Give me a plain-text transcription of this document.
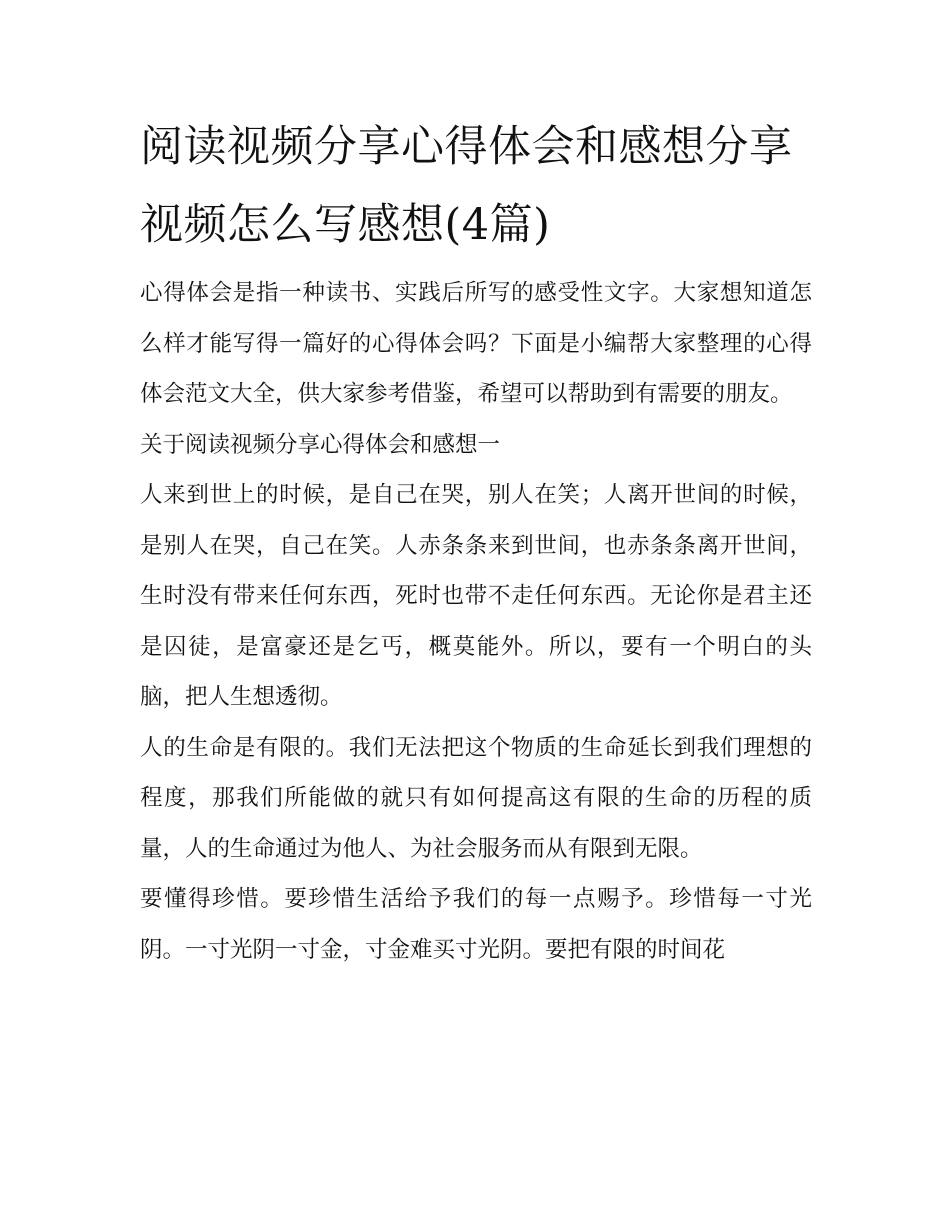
阅读视频分享心得体会和感想分享视频怎么写感想(4篇)

心得体会是指一种读书、实践后所写的感受性文字。大家想知道怎么样才能写得一篇好的心得体会吗？下面是小编帮大家整理的心得体会范文大全，供大家参考借鉴，希望可以帮助到有需要的朋友。

关于阅读视频分享心得体会和感想一

人来到世上的时候，是自己在哭，别人在笑；人离开世间的时候，是别人在哭，自己在笑。人赤条条来到世间，也赤条条离开世间，生时没有带来任何东西，死时也带不走任何东西。无论你是君主还是囚徒，是富豪还是乞丐，概莫能外。所以，要有一个明白的头脑，把人生想透彻。

人的生命是有限的。我们无法把这个物质的生命延长到我们理想的程度，那我们所能做的就只有如何提高这有限的生命的历程的质量，人的生命通过为他人、为社会服务而从有限到无限。

要懂得珍惜。要珍惜生活给予我们的每一点赐予。珍惜每一寸光阴。一寸光阴一寸金，寸金难买寸光阴。要把有限的时间花
